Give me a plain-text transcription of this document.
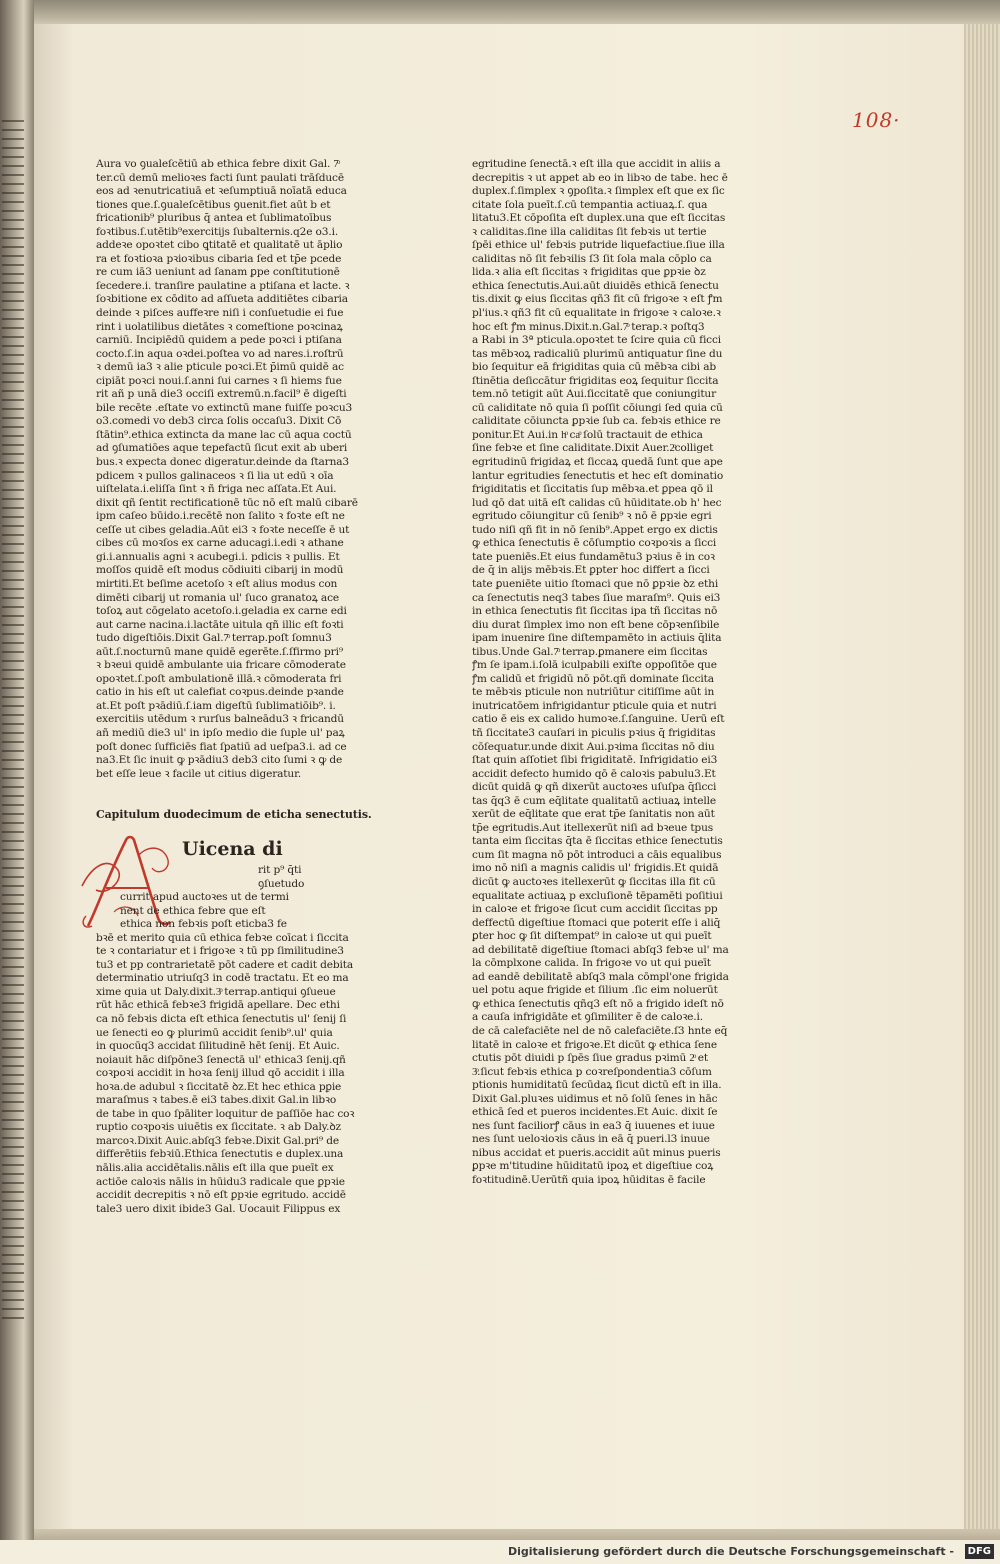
108·
Aura vo ꝯualeſcētiū ab ethica febre dixit Gal. 7ͦ
ter.cū demū melioꝛes facti ſunt paulati trāſducē
eos ad ꝛenutricatiuā et ꝛeſumptiuā noīatā educa
tiones que.ſ.ꝯualeſcētibus ꝯuenit.fiet aūt b̄ et
fricationib⁹ pluribus q̄ antea et ſublimatoībus
foꝛtibus.ſ.utētib⁹exercitijs ſubalternis.q2e o3.i.
addeꝛe opoꝛtet cibo ꝗtitatē et qualitatē ut āplio
ra et foꝛtioꝛa pꝛioꝛibus cibaria ſed et tp̄e pcede
re cum iā3 ueniunt ad ſanam ꝑpe conſtitutionē
ſecedere.i. tranſire paulatine a ptiſana et lacte. ꝛ
ſoꝛbitione ex cōdito ad aſſueta additiētes cibaria
deinde ꝛ piſces auffeꝛre niſi i conſuetudie ei fue
rint i uolatilibus dietātes ꝛ comeſtione poꝛcinaꝝ
carniū. Incipiēdū quidem a pede poꝛci i ptiſana
cocto.ſ.in aqua oꝛdei.poſtea vo ad nares.i.roſtrū
ꝛ demū ia3 ꝛ alie pticule poꝛci.Et p̄imū quidē ac
cipiāt poꝛci noui.ſ.anni ſui carnes ꝛ ſi hiems fue
rit añ p unā die3 occiſi extremū.n.facil⁹ ē digeſti
bile recēte .eſtate vo extinctū mane fuiſſe poꝛcu3
o3.comedi vo deb3 circa ſolis occaſu3. Dixit Cō
ſtātin⁹.ethica extincta da mane lac cū aqua coctū
ad ꝯſumatiōes aque tepefactū ſicut exit ab uberi
bus.ꝛ expecta donec digeratur.deinde da ſtarna3
pdicem ꝛ pullos galinaceos ꝛ ſi lia ut edū ꝛ oīa
uiſtelata.i.eliſſa ſint ꝛ ñ friga nec aſſata.Et Aui.
dixit qñ ſentit rectificationē tūc nō eſt malū cibarē
ipm caſeo būido.i.recētē non ſalito ꝛ foꝛte eſt ne
ceſſe ut cibes geladia.Aūt ei3 ꝛ foꝛte neceſſe ē ut
cibes cū moꝛſos ex carne aducagi.i.edi ꝛ athane
gi.i.annualis agni ꝛ acubegi.i. pdicis ꝛ pullis. Et
moſſos quidē eſt modus cōdiuiti cibarij in modū
mirtiti.Et beſime acetoſo ꝛ eſt alius modus con
dimēti cibarij ut romania ul' ſuco granatoꝝ ace
toſoꝝ aut cōgelato acetoſo.i.geladia ex carne edi
aut carne nacina.i.lactāte uitula qñ illic eſt foꝛti
tudo digeſtiōis.Dixit Gal.7ͦ terrap.poſt ſomnu3
aūt.ſ.nocturnū mane quidē egerēte.ſ.ſfirmo pri⁹
ꝛ bꝛeui quidē ambulante uia fricare cōmoderate
opoꝛtet.ſ.poſt ambulationē illā.ꝛ cōmoderata fri
catio in his eſt ut calefiat coꝛpus.deinde pꝛande
at.Et poſt pꝛādiū.ſ.iam digeſtū ſublimatiōib⁹. i.
exercitiis utēdum ꝛ rurſus balneādu3 ꝛ fricandū
añ mediū die3 ul' in ipſo medio die ſuple ul' paꝝ
poſt donec ſufficiēs fiat ſpatiū ad ueſpa3.i. ad ce
na3.Et ſic inuit ꝙ pꝛādiu3 deb3 cito ſumi ꝛ ꝙ de
bet eſſe leue ꝛ facile ut citius digeratur.
Capitulum duodecimum de eticha senectutis.
Uicena di
rit p⁹ q̄ti
ꝯſuetudo
currit apud auctoꝛes ut de termi
nent de ethica febre que eſt
ethica non febꝛis poſt eticba3 fe
bꝛē et merito quia cū ethica febꝛe coīcat i ſiccita
te ꝛ contariatur et i frigoꝛe ꝛ tū pp ſimilitudine3
tu3 et pp contrarietatē pōt cadere et cadit debita
determinatio utriuſq3 in codē tractatu. Et eo ma
xime quia ut Daly.dixit.3ͦ terrap.antiqui ꝯſueue
rūt hāc ethicā febꝛe3 frigidā apellare. Dec ethi
ca nō febꝛis dicta eſt ethica ſenectutis ul' ſenij ſi
ue ſenecti eo ꝙ plurimū accidit ſenib⁹.ul' quia
in quocūq3 accidat ſilitudinē hēt ſenij. Et Auic.
noiauit hāc diſpōne3 ſenectā ul' ethica3 ſenij.qñ
coꝛpoꝛi accidit in hoꝛa ſenij illud qō accidit i illa
hoꝛa.de adubul ꝛ ſiccitatē ꝺz.Et hec ethica pꝑie
maraſmus ꝛ tabes.ē ei3 tabes.dixit Gal.in libꝛo
de tabe in quo ſpāliter loquitur de paſſiōe hac coꝛ
ruptio coꝛpoꝛis uiuētis ex ſiccitate. ꝛ ab Daly.ꝺz
marcoꝛ.Dixit Auic.abſq3 febꝛe.Dixit Gal.pri⁹ de
differētiis febꝛiū.Ethica ſenectutis e duplex.una
nālis.alia accidētalis.nālis eſt illa que pueīt ex
actiōe caloꝛis nālis in hūidu3 radicale que ꝑpꝛie
accidit decrepitis ꝛ nō eſt ꝑpꝛie egritudo. accidē
tale3 uero dixit ibide3 Gal. Uocauit Filippus ex
egritudine ſenectā.ꝛ eſt illa que accidit in aliis a
decrepitis ꝛ ut appet ab eo in libꝛo de tabe. hec ē
duplex.ſ.ſimplex ꝛ ꝯpoſita.ꝛ ſimplex eſt que ex ſic
citate ſola pueīt.ſ.cū tempantia actiuaꝝ.ſ. qua
litatu3.Et cōpoſita eſt duplex.una que eſt ſiccitas
ꝛ caliditas.ſine illa caliditas ſit febꝛis ut tertie
ſpēi ethice ul' febꝛis putride liquefactiue.ſiue illa
caliditas nō ſit febꝛilis ſ3 ſit ſola mala cōplo ca
lida.ꝛ alia eſt ſiccitas ꝛ frigiditas que ꝑpꝛie ꝺz
ethica ſenectutis.Aui.aūt diuidēs ethicā ſenectu
tis.dixit ꝙ eius ſiccitas qñ3 fit cū frigoꝛe ꝛ eſt ꝭm
pl'ius.ꝛ qñ3 fit cū equalitate in frigoꝛe ꝛ caloꝛe.ꝛ
hoc eſt ꝭm minus.Dixit.n.Gal.7ͦ terap.ꝛ poſtq3
a Rabi in 3ª pticula.opoꝛtet te ſcire quia cū ficci
tas mēbꝛoꝝ radicaliū plurimū antiquatur ſine du
bio ſequitur eā frigiditas quia cū mēbꝛa cibi ab
ſtinētia deſiccātur frigiditas eoꝝ ſequitur ſiccita
tem.nō tetigit aūt Aui.ſiccitatē que coniungitur
cū caliditate nō quia ſi poſſit cōiungi ſed quia cū
caliditate cōiuncta ꝑpꝛie ſub ca. febꝛis ethice re
ponitur.Et Aui.in hͦ caͦ ſolū tractauit de ethica
ſine febꝛe et ſine caliditate.Dixit Auer.2ͦcolliget
egritudinū frigidaꝝ et ſiccaꝝ quedā ſunt que ape
lantur egritudies ſenectutis et hec eſt dominatio
frigiditatis et ſiccitatis ſup mēbꝛa.et ꝑpea qō il
lud qō dat uitā eſt calidas cū hūiditate.ob h' hec
egritudo cōiungitur cū ſenib⁹ ꝛ nō ē ꝑpꝛie egri
tudo niſi qñ fit in nō ſenib⁹.Appet ergo ex dictis
ꝙ ethica ſenectutis ē cōſumptio coꝛpoꝛis a ſicci
tate pueniēs.Et eius fundamētu3 pꝛius ē in coꝛ
de q̄ in alijs mēbꝛis.Et ꝑpter hoc differt a ſicci
tate ꝑueniēte uitio ſtomaci que nō ꝑpꝛie ꝺz ethi
ca ſenectutis neq3 tabes ſiue maraſm⁹. Quis ei3
in ethica ſenectutis fit ſiccitas ipa tñ ſiccitas nō
diu durat ſimplex imo non eſt bene cōpꝛenſibile
ipam inuenire ſine diſtempamēto in actiuis q̄lita
tibus.Unde Gal.7ͦ terrap.ꝑmanere eim ſiccitas
ꝭm ſe ipam.i.ſolā iculpabili exiſte oppoſitōe que
ꝭm calidū et frigidū nō pōt.qñ dominate ſiccita
te mēbꝛis pticule non nutriūtur citiſſime aūt in
inutricatōem infrigidantur pticule quia et nutri
catio ē eis ex calido humoꝛe.ſ.ſanguine. Uerū eſt
tñ ſiccitate3 cauſari in piculis pꝛius q̄ frigiditas
cōſequatur.unde dixit Aui.pꝛima ſiccitas nō diu
ſtat quin aſſotiet ſibi frigiditatē. Infrigidatio ei3
accidit defecto humido qō ē caloꝛis pabulu3.Et
dicūt quidā ꝙ qñ dixerūt auctoꝛes uſuſpa q̄ſicci
tas q̄q3 ē cum eq̄litate qualitatū actiuaꝝ intelle
xerūt de eq̄litate que erat tp̄e ſanitatis non aūt
tp̄e egritudis.Aut itellexerūt niſi ad bꝛeue tpus
tanta eim ſiccitas q̄ta ē ſiccitas ethice ſenectutis
cum ſit magna nō pōt introduci a cāis equalibus
imo nō niſi a magnis calidis ul' frigidis.Et quidā
dicūt ꝙ auctoꝛes itellexerūt ꝙ ſiccitas illa fit cū
equalitate actiuaꝝ p excluſionē tēpamēti poſitiui
in caloꝛe et frigoꝛe ſicut cum accidit ſiccitas pp
deffectū digeſtiue ſtomaci que poterit eſſe i aliq̄
ꝑter hoc ꝙ ſit diſtempat⁹ in caloꝛe ut qui pueīt
ad debilitatē digeſtiue ſtomaci abſq3 febꝛe ul' ma
la cōmplxone calida. In frigoꝛe vo ut qui pueīt
ad eandē debilitatē abſq3 mala cōmpl'one frigida
uel potu aque frigide et ſilium .ſic eim noluerūt
ꝙ ethica ſenectutis qñq3 eſt nō a frigido ideſt nō
a cauſa infrigidāte et ꝯſimiliter ē de caloꝛe.i.
de cā calefaciēte nel de nō calefaciēte.ſ3 hnte eq̄
litatē in caloꝛe et frigoꝛe.Et dicūt ꝙ ethica ſene
ctutis pōt diuidi p ſpēs ſiue gradus pꝛimū 2ͦ et
3ͦ.ſicut febꝛis ethica p coꝛreſpondentia3 cōſum
ptionis humiditatū ſecūdaꝝ ſicut dictū eſt in illa.
Dixit Gal.pluꝛes uidimus et nō ſolū ſenes in hāc
ethicā ſed et pueros incidentes.Et Auic. dixit ſe
nes ſunt faciliorꝭ cāus in ea3 q̄ iuuenes et iuue
nes ſunt ueloꝛioꝛis cāus in eā q̄ pueri.l3 inuue
nibus accidat et pueris.accidit aūt minus pueris
ꝑpꝛe m'titudine hūiditatū ipoꝝ et digeſtiue coꝝ
foꝛtitudinē.Uerūtñ quia ipoꝝ hūiditas ē facile
Digitalisierung gefördert durch die Deutsche Forschungsgemeinschaft -	DFG
